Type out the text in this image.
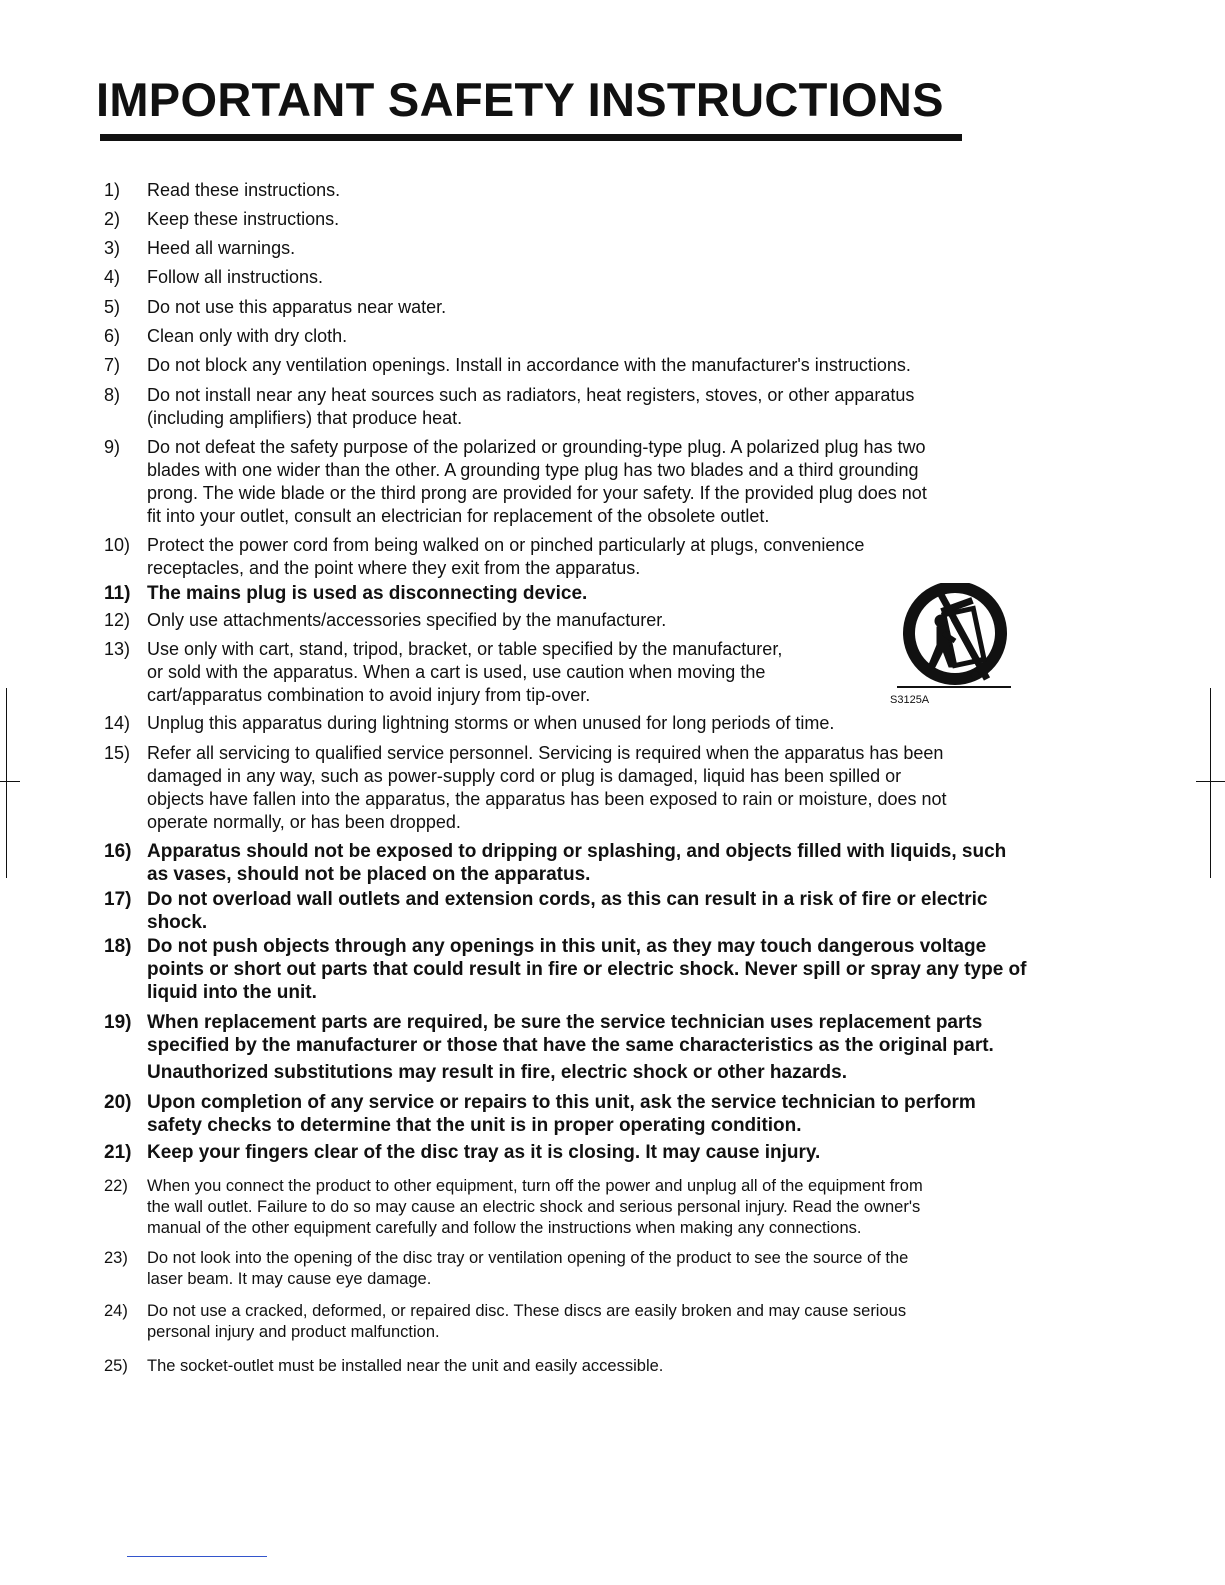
IMPORTANT SAFETY INSTRUCTIONS
1) Read these instructions.
2) Keep these instructions.
3) Heed all warnings.
4) Follow all instructions.
5) Do not use this apparatus near water.
6) Clean only with dry cloth.
7) Do not block any ventilation openings. Install in accordance with the manufacturer's instructions.
8) Do not install near any heat sources such as radiators, heat registers, stoves, or other apparatus
(including amplifiers) that produce heat.
9) Do not defeat the safety purpose of the polarized or grounding-type plug. A polarized plug has two
blades with one wider than the other. A grounding type plug has two blades and a third grounding
prong. The wide blade or the third prong are provided for your safety. If the provided plug does not
fit into your outlet, consult an electrician for replacement of the obsolete outlet.
10) Protect the power cord from being walked on or pinched particularly at plugs, convenience
receptacles, and the point where they exit from the apparatus.
11) The mains plug is used as disconnecting device.
12) Only use attachments/accessories specified by the manufacturer.
13) Use only with cart, stand, tripod, bracket, or table specified by the manufacturer,
or sold with the apparatus. When a cart is used, use caution when moving the
cart/apparatus combination to avoid injury from tip-over.
14) Unplug this apparatus during lightning storms or when unused for long periods of time.
15) Refer all servicing to qualified service personnel. Servicing is required when the apparatus has been
damaged in any way, such as power-supply cord or plug is damaged, liquid has been spilled or
objects have fallen into the apparatus, the apparatus has been exposed to rain or moisture, does not
operate normally, or has been dropped.
16) Apparatus should not be exposed to dripping or splashing, and objects filled with liquids, such
as vases, should not be placed on the apparatus.
17) Do not overload wall outlets and extension cords, as this can result in a risk of fire or electric
shock.
18) Do not push objects through any openings in this unit, as they may touch dangerous voltage
points or short out parts that could result in fire or electric shock. Never spill or spray any type of
liquid into the unit.
19) When replacement parts are required, be sure the service technician uses replacement parts
specified by the manufacturer or those that have the same characteristics as the original part.
Unauthorized substitutions may result in fire, electric shock or other hazards.
20) Upon completion of any service or repairs to this unit, ask the service technician to perform
safety checks to determine that the unit is in proper operating condition.
21) Keep your fingers clear of the disc tray as it is closing. It may cause injury.
22) When you connect the product to other equipment, turn off the power and unplug all of the equipment from
the wall outlet. Failure to do so may cause an electric shock and serious personal injury. Read the owner's
manual of the other equipment carefully and follow the instructions when making any connections.
23) Do not look into the opening of the disc tray or ventilation opening of the product to see the source of the
laser beam. It may cause eye damage.
24) Do not use a cracked, deformed, or repaired disc. These discs are easily broken and may cause serious
personal injury and product malfunction.
25) The socket-outlet must be installed near the unit and easily accessible.
S3125A
